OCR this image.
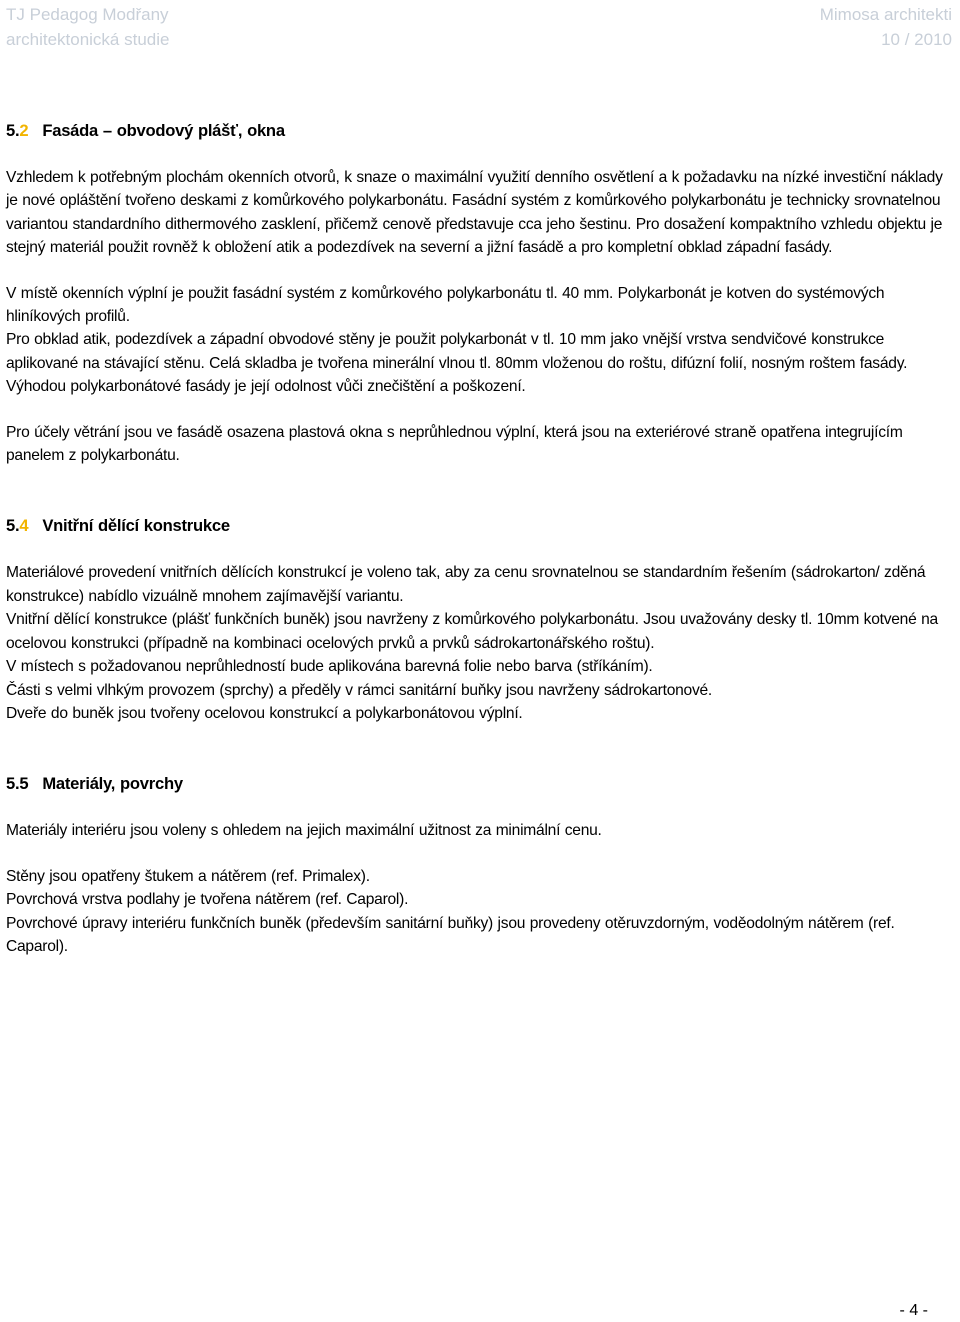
TJ Pedagog Modřany	Mimosa architekti
architektonická studie	10 / 2010
5.2 Fasáda – obvodový plášť, okna

Vzhledem k potřebným plochám okenních otvorů, k snaze o maximální využití denního osvětlení a k požadavku na nízké investiční náklady je nové opláštění tvořeno deskami z komůrkového polykarbonátu. Fasádní systém z komůrkového polykarbonátu je technicky srovnatelnou variantou standardního dithermového zasklení, přičemž cenově představuje cca jeho šestinu. Pro dosažení kompaktního vzhledu objektu je stejný materiál použit rovněž k obložení atik a podezdívek na severní a jižní fasádě a pro kompletní obklad západní fasády.

V místě okenních výplní je použit fasádní systém z komůrkového polykarbonátu tl. 40 mm. Polykarbonát je kotven do systémových hliníkových profilů.

Pro obklad atik, podezdívek a západní obvodové stěny je použit polykarbonát v tl. 10 mm jako vnější vrstva sendvičové konstrukce aplikované na stávající stěnu. Celá skladba je tvořena minerální vlnou tl. 80mm vloženou do roštu, difúzní folií, nosným roštem fasády. Výhodou polykarbonátové fasády je její odolnost vůči znečištění a poškození.

Pro účely větrání jsou ve fasádě osazena plastová okna s neprůhlednou výplní, která jsou na exteriérové straně opatřena integrujícím panelem z polykarbonátu.

5.4 Vnitřní dělící konstrukce

Materiálové provedení vnitřních dělících konstrukcí je voleno tak, aby za cenu srovnatelnou se standardním řešením (sádrokarton/ zděná konstrukce) nabídlo vizuálně mnohem zajímavější variantu.

Vnitřní dělící konstrukce (plášť funkčních buněk) jsou navrženy z komůrkového polykarbonátu. Jsou uvažovány desky tl. 10mm kotvené na ocelovou konstrukci (případně na kombinaci ocelových prvků a prvků sádrokartonářského roštu).

V místech s požadovanou neprůhledností bude aplikována barevná folie nebo barva (stříkáním).

Části s velmi vlhkým provozem (sprchy) a předěly v rámci sanitární buňky jsou navrženy sádrokartonové.

Dveře do buněk jsou tvořeny ocelovou konstrukcí a polykarbonátovou výplní.

5.5 Materiály, povrchy

Materiály interiéru jsou voleny s ohledem na jejich maximální užitnost za minimální cenu.

Stěny jsou opatřeny štukem a nátěrem (ref. Primalex).

Povrchová vrstva podlahy je tvořena nátěrem (ref. Caparol).

Povrchové úpravy interiéru funkčních buněk (především sanitární buňky) jsou provedeny otěruvzdorným, voděodolným nátěrem (ref. Caparol).

- 4 -
